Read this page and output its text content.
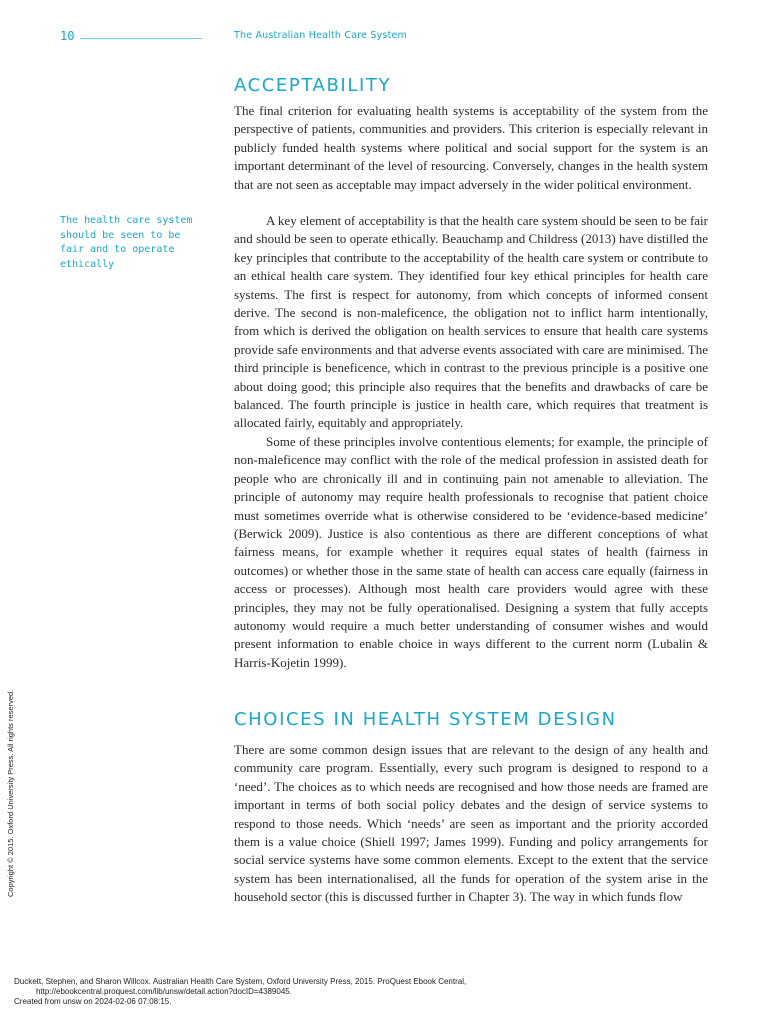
10	The Australian Health Care System
ACCEPTABILITY

The final criterion for evaluating health systems is acceptability of the system from the perspective of patients, communities and providers. This criterion is especially relevant in publicly funded health systems where political and social support for the system is an important determinant of the level of resourcing. Conversely, changes in the health system that are not seen as acceptable may impact adversely in the wider political environment.

A key element of acceptability is that the health care system should be seen to be fair and should be seen to operate ethically. Beauchamp and Childress (2013) have distilled the key principles that contribute to the acceptability of the health care system or contribute to an ethical health care system. They identified four key ethical principles for health care systems. The first is respect for autonomy, from which concepts of informed consent derive. The second is non-maleficence, the obligation not to inflict harm intentionally, from which is derived the obligation on health services to ensure that health care systems provide safe environments and that adverse events associated with care are minimised. The third principle is beneficence, which in contrast to the previous principle is a positive one about doing good; this principle also requires that the benefits and drawbacks of care be balanced. The fourth principle is justice in health care, which requires that treatment is allocated fairly, equitably and appropriately.

Some of these principles involve contentious elements; for example, the principle of non-maleficence may conflict with the role of the medical profession in assisted death for people who are chronically ill and in continuing pain not amenable to alleviation. The principle of autonomy may require health professionals to recognise that patient choice must sometimes override what is otherwise considered to be ‘evidence-based medicine’ (Berwick 2009). Justice is also contentious as there are different conceptions of what fairness means, for example whether it requires equal states of health (fairness in outcomes) or whether those in the same state of health can access care equally (fairness in access or processes). Although most health care providers would agree with these principles, they may not be fully operationalised. Designing a system that fully accepts autonomy would require a much better understanding of consumer wishes and would present information to enable choice in ways different to the current norm (Lubalin & Harris-Kojetin 1999).

The health care system should be seen to be fair and to operate ethically

CHOICES IN HEALTH SYSTEM DESIGN

There are some common design issues that are relevant to the design of any health and community care program. Essentially, every such program is designed to respond to a ‘need’. The choices as to which needs are recognised and how those needs are framed are important in terms of both social policy debates and the design of service systems to respond to those needs. Which ‘needs’ are seen as important and the priority accorded them is a value choice (Shiell 1997; James 1999). Funding and policy arrangements for social service systems have some common elements. Except to the extent that the service system has been internationalised, all the funds for operation of the system arise in the household sector (this is discussed further in Chapter 3). The way in which funds flow

Copyright © 2015. Oxford University Press. All rights reserved.
Duckett, Stephen, and Sharon Willcox. Australian Health Care System, Oxford University Press, 2015. ProQuest Ebook Central,
http://ebookcentral.proquest.com/lib/unsw/detail.action?docID=4389045.
Created from unsw on 2024-02-06 07:08:15.
